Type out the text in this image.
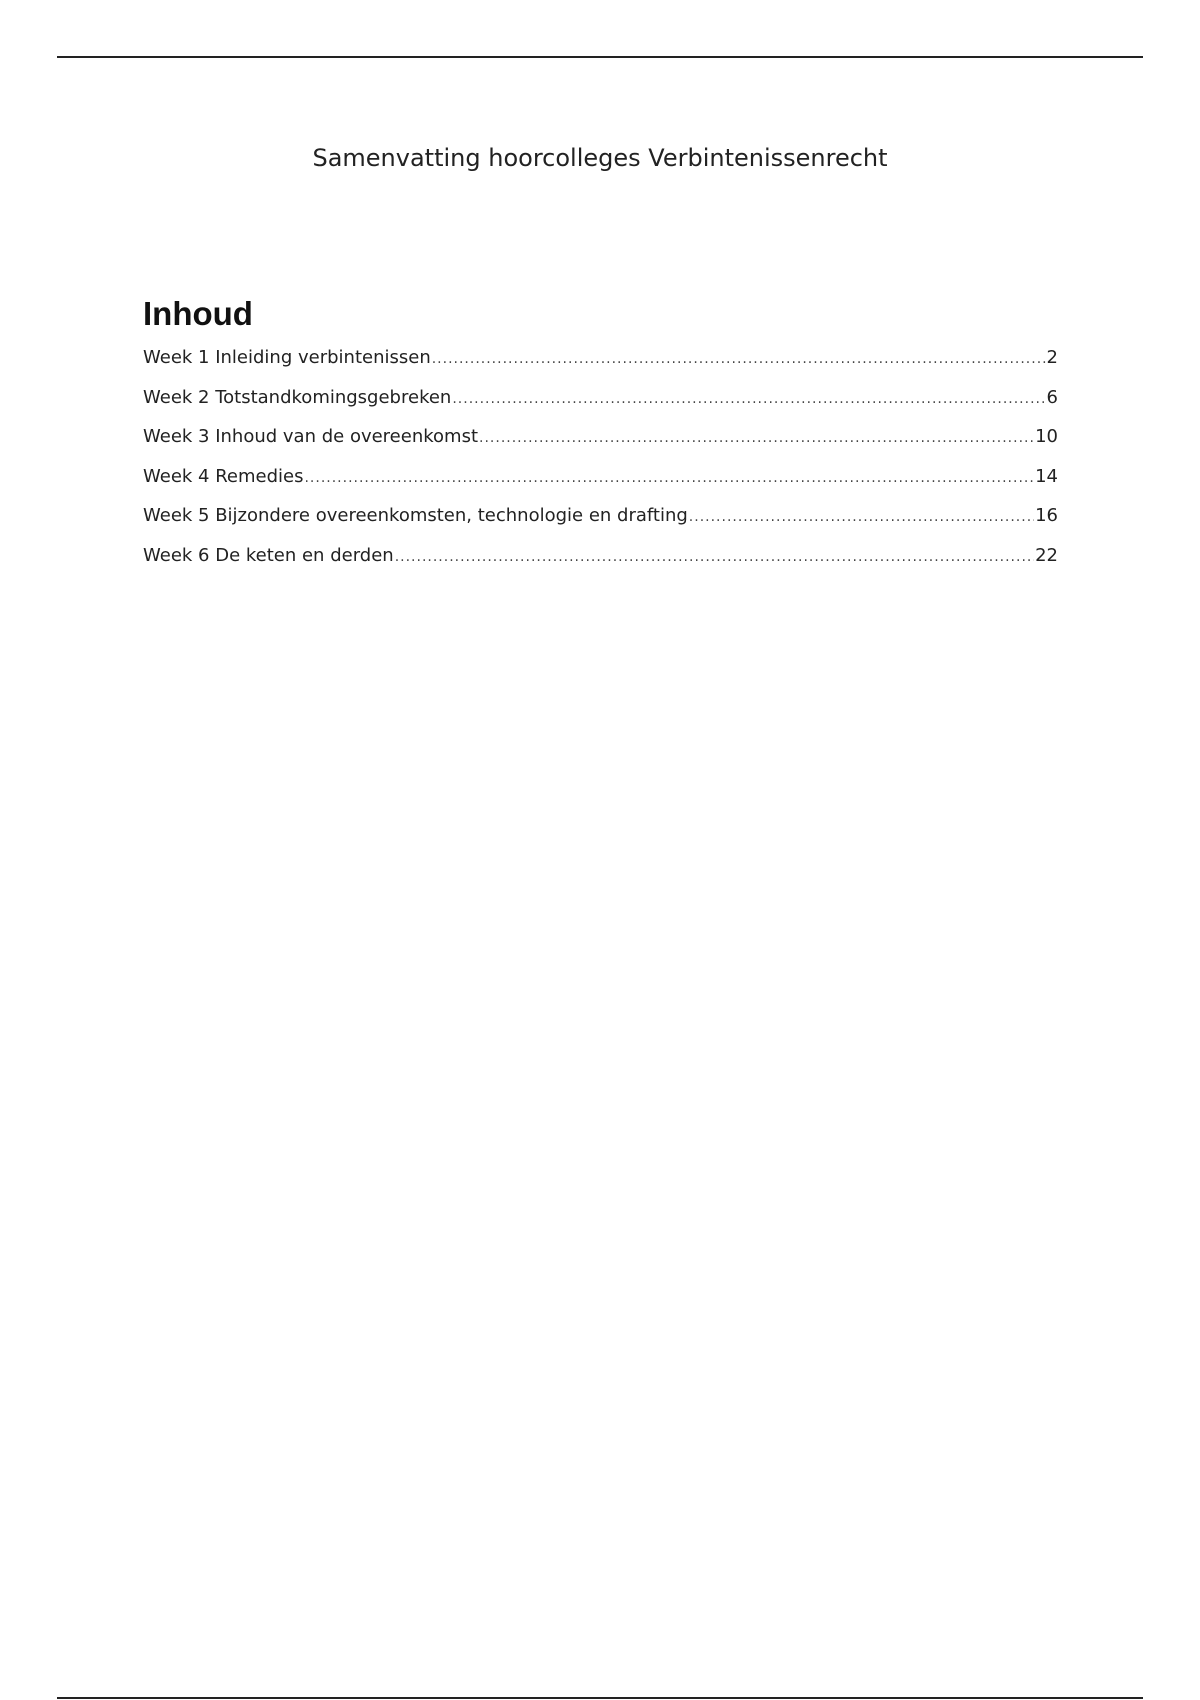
Samenvatting hoorcolleges Verbintenissenrecht
Inhoud
Week 1 Inleiding verbintenissen .....	2
Week 2 Totstandkomingsgebreken .....	6
Week 3 Inhoud van de overeenkomst .....	10
Week 4 Remedies .....	14
Week 5 Bijzondere overeenkomsten, technologie en drafting .....	16
Week 6 De keten en derden .....	22
